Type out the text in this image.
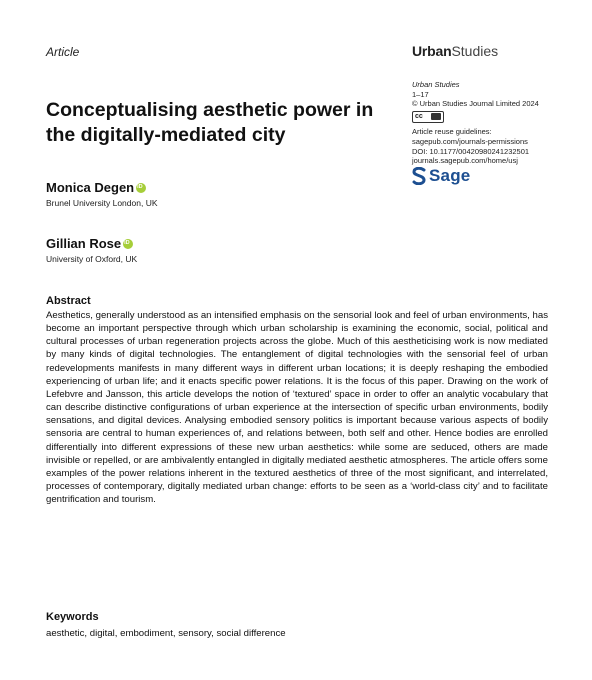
Article	UrbanStudies
Urban Studies
1–17
© Urban Studies Journal Limited 2024
cc
Article reuse guidelines:
sagepub.com/journals-permissions
DOI: 10.1177/00420980241232501
journals.sagepub.com/home/usj
Sage
Conceptualising aesthetic power in the digitally-mediated city
Monica Degen
iD
Brunel University London, UK
Gillian Rose
iD
University of Oxford, UK
Abstract

Aesthetics, generally understood as an intensified emphasis on the sensorial look and feel of urban environments, has become an important perspective through which urban scholarship is examining the economic, social, political and cultural processes of urban regeneration projects across the globe. Much of this aestheticising work is now mediated by many kinds of digital technologies. The entanglement of digital technologies with the sensorial feel of urban redevelopments manifests in many different ways in different urban locations; it is deeply reshaping the embodied experiencing of urban life; and it enacts specific power relations. It is the focus of this paper. Drawing on the work of Lefebvre and Jansson, this article develops the notion of ‘textured’ space in order to offer an analytic vocabulary that can describe distinctive configurations of urban experience at the intersection of specific urban environments, bodily sensations, and digital devices. Analysing embodied sensory politics is important because various aspects of bodily sensoria are central to human experiences of, and relations between, both self and other. Hence bodies are enrolled differentially into different expressions of these new urban aesthetics: while some are seduced, others are made invisible or repelled, or are ambivalently entangled in digitally mediated aesthetic atmospheres. The article offers some examples of the power relations inherent in the textured aesthetics of three of the most significant, and interrelated, processes of contemporary, digitally mediated urban change: efforts to be seen as a ‘world-class city’ and to facilitate gentrification and tourism.

Keywords

aesthetic, digital, embodiment, sensory, social difference
